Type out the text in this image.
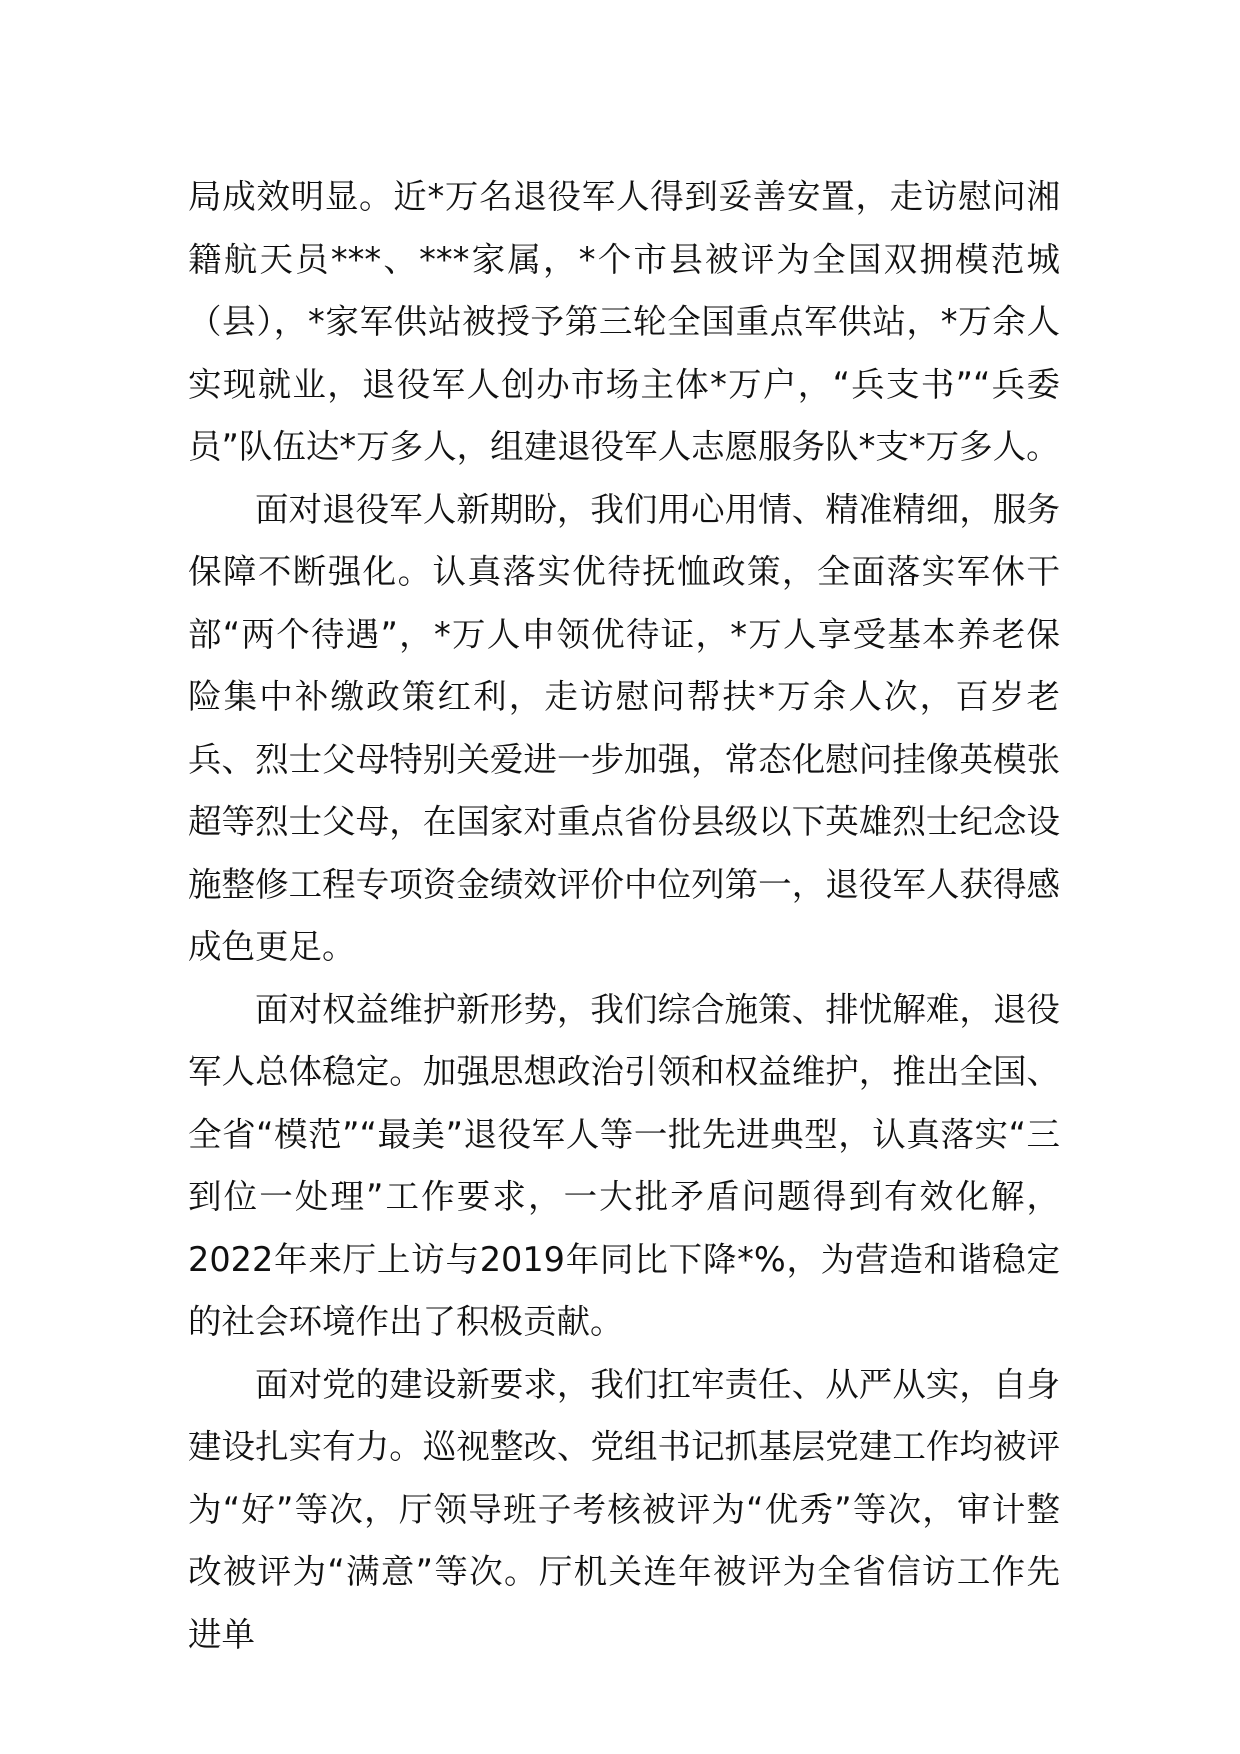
局成效明显。近*万名退役军人得到妥善安置，走访慰问湘籍航天员***、***家属，*个市县被评为全国双拥模范城（县），*家军供站被授予第三轮全国重点军供站，*万余人实现就业，退役军人创办市场主体*万户，“兵支书”“兵委员”队伍达*万多人，组建退役军人志愿服务队*支*万多人。

面对退役军人新期盼，我们用心用情、精准精细，服务保障不断强化。认真落实优待抚恤政策，全面落实军休干部“两个待遇”，*万人申领优待证，*万人享受基本养老保险集中补缴政策红利，走访慰问帮扶*万余人次，百岁老兵、烈士父母特别关爱进一步加强，常态化慰问挂像英模张超等烈士父母，在国家对重点省份县级以下英雄烈士纪念设施整修工程专项资金绩效评价中位列第一，退役军人获得感成色更足。

面对权益维护新形势，我们综合施策、排忧解难，退役军人总体稳定。加强思想政治引领和权益维护，推出全国、全省“模范”“最美”退役军人等一批先进典型，认真落实“三到位一处理”工作要求，一大批矛盾问题得到有效化解，2022年来厅上访与2019年同比下降*%，为营造和谐稳定的社会环境作出了积极贡献。

面对党的建设新要求，我们扛牢责任、从严从实，自身建设扎实有力。巡视整改、党组书记抓基层党建工作均被评为“好”等次，厅领导班子考核被评为“优秀”等次，审计整改被评为“满意”等次。厅机关连年被评为全省信访工作先进单
